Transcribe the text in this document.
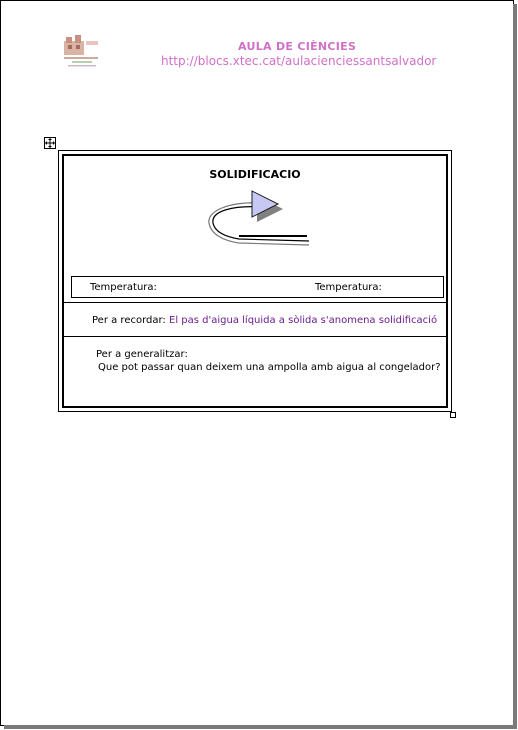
AULA DE CIÈNCIES
http://blocs.xtec.cat/aulacienciessantsalvador
SOLIDIFICACIO
Temperatura:	Temperatura:
Per a recordar: El pas d'aigua líquida a sòlida s'anomena solidificació
Per a generalitzar:
Que pot passar quan deixem una ampolla amb aigua al congelador?
